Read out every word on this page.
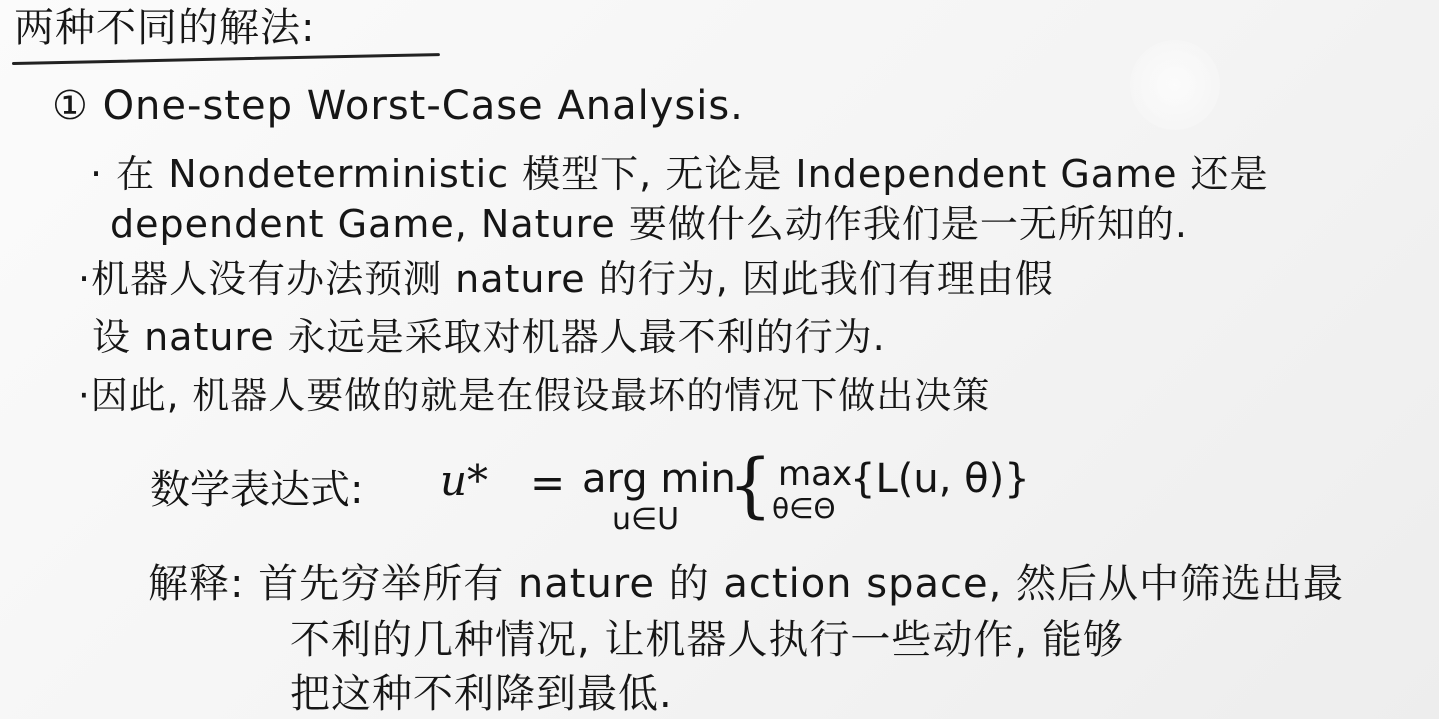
两种不同的解法:
① One-step Worst-Case Analysis.
· 在 Nondeterministic 模型下, 无论是 Independent Game 还是
dependent Game, Nature 要做什么动作我们是一无所知的.
·机器人没有办法预测 nature 的行为, 因此我们有理由假
设 nature 永远是采取对机器人最不利的行为.
·因此, 机器人要做的就是在假设最坏的情况下做出决策
数学表达式: u* = arg min
u∈U { max
θ∈Θ
{L(u, θ)}
解释: 首先穷举所有 nature 的 action space, 然后从中筛选出最
不利的几种情况, 让机器人执行一些动作, 能够
把这种不利降到最低.
